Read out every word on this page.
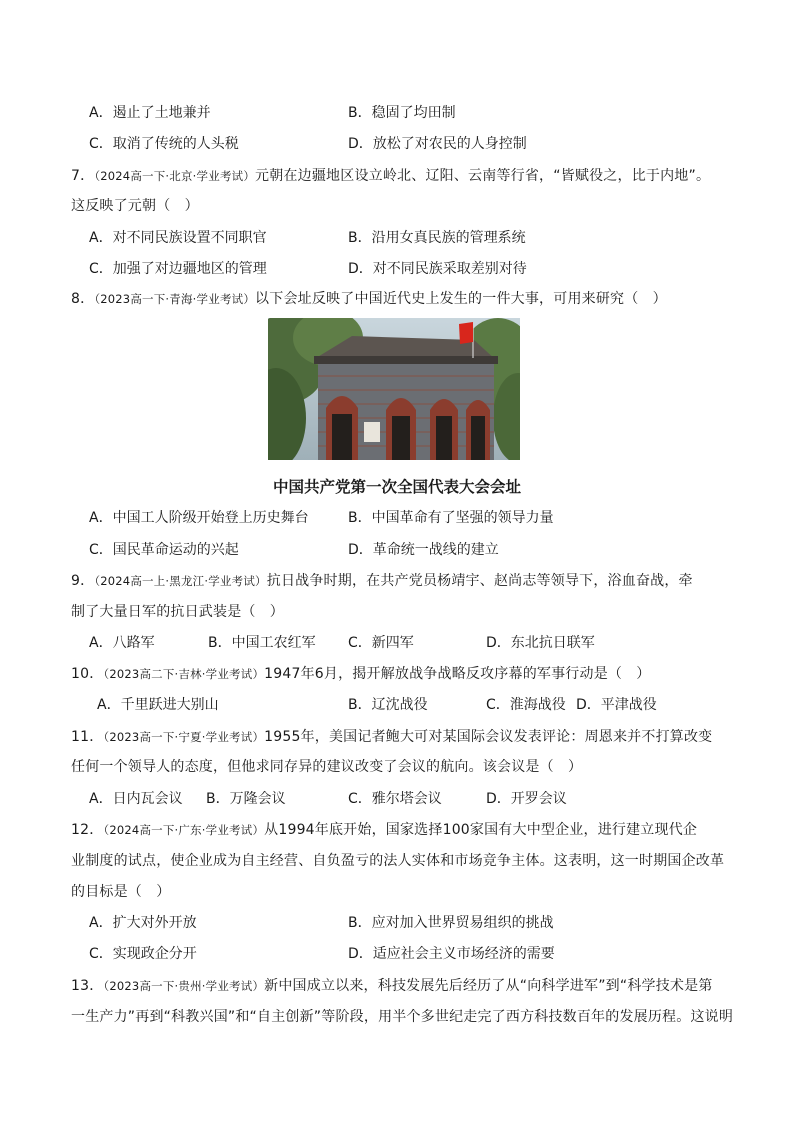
A．遏止了土地兼并	B．稳固了均田制
C．取消了传统的人头税	D．放松了对农民的人身控制
7．（2024高一下·北京·学业考试）元朝在边疆地区设立岭北、辽阳、云南等行省，“皆赋役之，比于内地”。
这反映了元朝（　）
A．对不同民族设置不同职官	B．沿用女真民族的管理系统
C．加强了对边疆地区的管理	D．对不同民族采取差别对待
8．（2023高一下·青海·学业考试）以下会址反映了中国近代史上发生的一件大事，可用来研究（　）
中国共产党第一次全国代表大会会址
A．中国工人阶级开始登上历史舞台	B．中国革命有了坚强的领导力量
C．国民革命运动的兴起	D．革命统一战线的建立
9．（2024高一上·黑龙江·学业考试）抗日战争时期，在共产党员杨靖宇、赵尚志等领导下，浴血奋战，牵
制了大量日军的抗日武装是（　）
A．八路军	B．中国工农红军 C．新四军	D．东北抗日联军
10．（2023高二下·吉林·学业考试）1947年6月，揭开解放战争战略反攻序幕的军事行动是（　）
A．千里跃进大别山	B．辽沈战役	C．淮海战役 D．平津战役
11．（2023高一下·宁夏·学业考试）1955年，美国记者鲍大可对某国际会议发表评论：周恩来并不打算改变
任何一个领导人的态度，但他求同存异的建议改变了会议的航向。该会议是（　）
A．日内瓦会议 B．万隆会议	C．雅尔塔会议	D．开罗会议
12．（2024高一下·广东·学业考试）从1994年底开始，国家选择100家国有大中型企业，进行建立现代企
业制度的试点，使企业成为自主经营、自负盈亏的法人实体和市场竞争主体。这表明，这一时期国企改革
的目标是（　）
A．扩大对外开放	B．应对加入世界贸易组织的挑战
C．实现政企分开	D．适应社会主义市场经济的需要
13．（2023高一下·贵州·学业考试）新中国成立以来，科技发展先后经历了从“向科学进军”到“科学技术是第
一生产力”再到“科教兴国”和“自主创新”等阶段，用半个多世纪走完了西方科技数百年的发展历程。这说明
